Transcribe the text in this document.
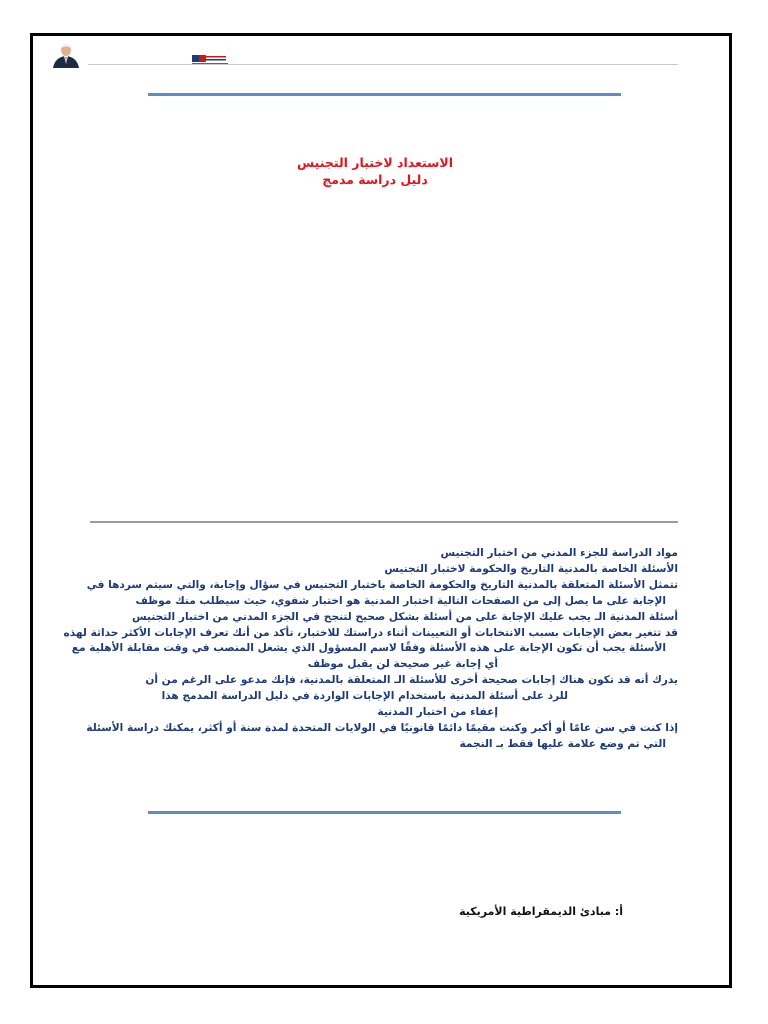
الاستعداد لاختبار التجنيس
دليل دراسة مدمج
مواد الدراسة للجزء المدني من اختبار التجنيس
الأسئلة الخاصة بالمدنية التاريخ والحكومة لاختبار التجنيس
تتمثل الأسئلة المتعلقة بالمدنية التاريخ والحكومة الخاصة باختبار التجنيس في سؤال وإجابة، والتي سيتم سردها في
الإجابة على ما يصل إلى من الصفحات التالية اختبار المدنية هو اختبار شفوي، حيث سيطلب منك موظف
أسئلة المدنية الـ يجب عليك الإجابة على من أسئلة بشكل صحيح لتنجح في الجزء المدني من اختبار التجنيس
قد تتغير بعض الإجابات بسبب الانتخابات أو التعيينات أثناء دراستك للاختبار، تأكد من أنك تعرف الإجابات الأكثر حداثة لهذه
الأسئلة يجب أن تكون الإجابة على هذه الأسئلة وفقًا لاسم المسؤول الذي يشغل المنصب في وقت مقابلة الأهلية مع
أي إجابة غير صحيحة لن يقبل موظف
يدرك أنه قد تكون هناك إجابات صحيحة أخرى للأسئلة الـ المتعلقة بالمدنية، فإنك مدعو على الرغم من أن
للرد على أسئلة المدنية باستخدام الإجابات الواردة في دليل الدراسة المدمج هذا
إعفاء من اختبار المدنية
إذا كنت في سن عامًا أو أكبر وكنت مقيمًا دائمًا قانونيًا في الولايات المتحدة لمدة سنة أو أكثر، يمكنك دراسة الأسئلة
التي تم وضع علامة عليها فقط بـ النجمة
أ: مبادئ الديمقراطية الأمريكية
